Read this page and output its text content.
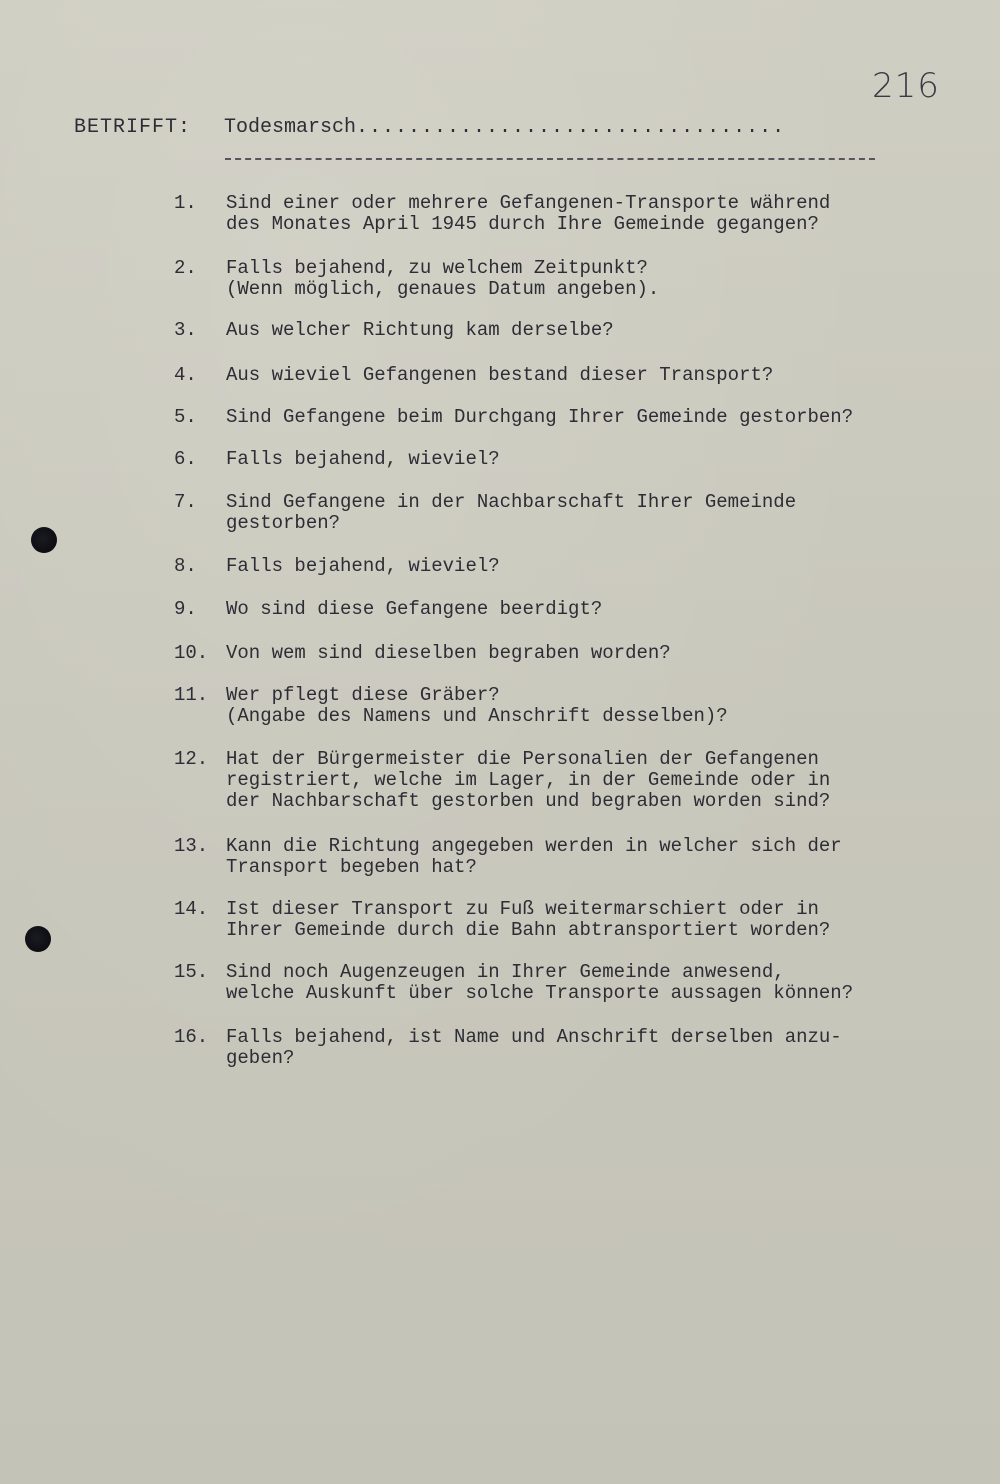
216
BETRIFFT: Todesmarsch.................................
1. Sind einer oder mehrere Gefangenen-Transporte während
des Monates April 1945 durch Ihre Gemeinde gegangen?
2. Falls bejahend, zu welchem Zeitpunkt?
(Wenn möglich, genaues Datum angeben).
3. Aus welcher Richtung kam derselbe?
4. Aus wieviel Gefangenen bestand dieser Transport?
5. Sind Gefangene beim Durchgang Ihrer Gemeinde gestorben?
6. Falls bejahend, wieviel?
7. Sind Gefangene in der Nachbarschaft Ihrer Gemeinde
gestorben?
8. Falls bejahend, wieviel?
9. Wo sind diese Gefangene beerdigt?
10. Von wem sind dieselben begraben worden?
11. Wer pflegt diese Gräber?
(Angabe des Namens und Anschrift desselben)?
12. Hat der Bürgermeister die Personalien der Gefangenen
registriert, welche im Lager, in der Gemeinde oder in
der Nachbarschaft gestorben und begraben worden sind?
13. Kann die Richtung angegeben werden in welcher sich der
Transport begeben hat?
14. Ist dieser Transport zu Fuß weitermarschiert oder in
Ihrer Gemeinde durch die Bahn abtransportiert worden?
15. Sind noch Augenzeugen in Ihrer Gemeinde anwesend,
welche Auskunft über solche Transporte aussagen können?
16. Falls bejahend, ist Name und Anschrift derselben anzu-
geben?
